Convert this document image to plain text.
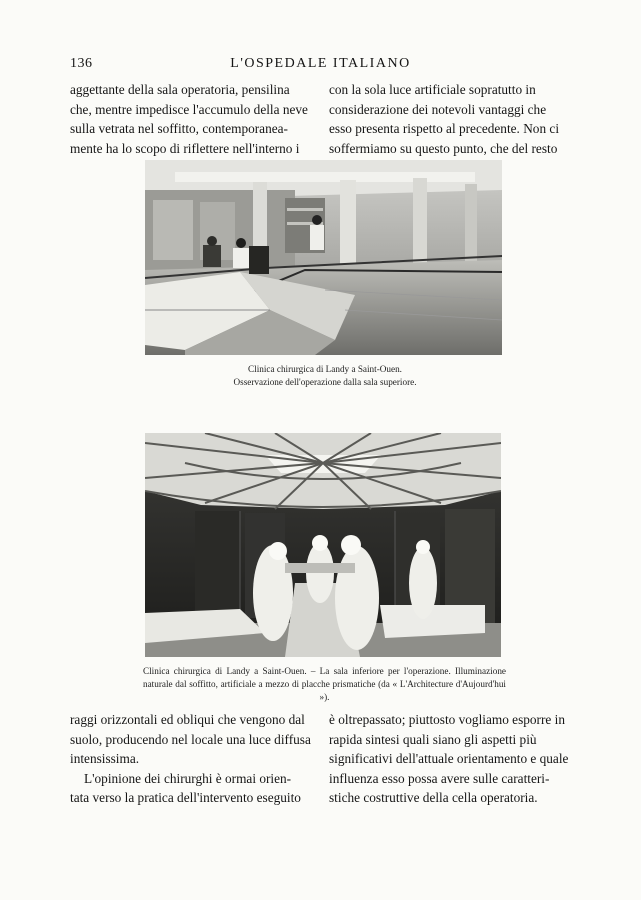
136	L'OSPEDALE ITALIANO

aggettante della sala operatoria, pensilina

che, mentre impedisce l'accumulo della neve

sulla vetrata nel soffitto, contemporanea-

mente ha lo scopo di riflettere nell'interno i

con la sola luce artificiale sopratutto in

considerazione dei notevoli vantaggi che

esso presenta rispetto al precedente. Non ci

soffermiamo su questo punto, che del resto

Clinica chirurgica di Landy a Saint-Ouen.
Osservazione dell'operazione dalla sala superiore.
Clinica chirurgica di Landy a Saint-Ouen. – La sala inferiore per l'operazione. Illuminazione naturale dal soffitto, artificiale a mezzo di placche prismatiche (da « L'Architecture d'Aujourd'hui »).

raggi orizzontali ed obliqui che vengono dal

suolo, producendo nel locale una luce diffusa

intensissima.

L'opinione dei chirurghi è ormai orien-

tata verso la pratica dell'intervento eseguito

è oltrepassato; piuttosto vogliamo esporre in

rapida sintesi quali siano gli aspetti più

significativi dell'attuale orientamento e quale

influenza esso possa avere sulle caratteri-

stiche costruttive della cella operatoria.
